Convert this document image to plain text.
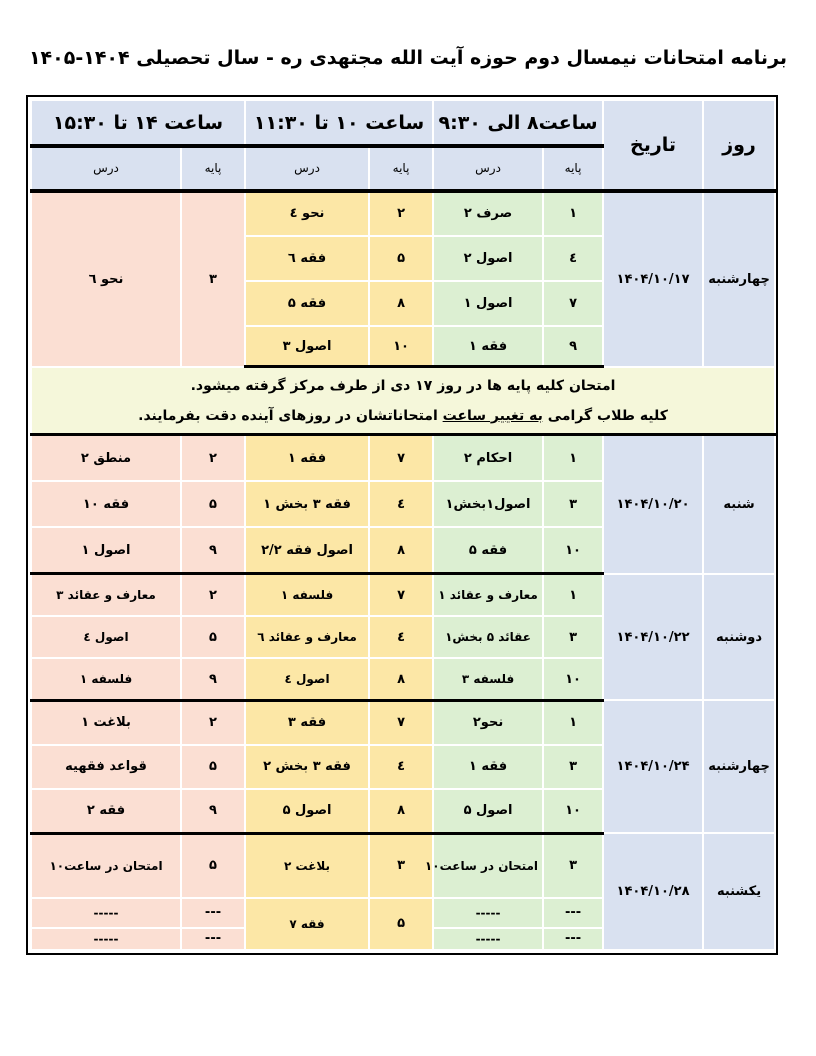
برنامه امتحانات نیمسال دوم حوزه آیت الله مجتهدی ره - سال تحصیلی ۱۴۰۴-۱۴۰۵
روز	تاریخ	ساعت۸ الی ۹:۳۰		ساعت ۱۰ تا ۱۱:۳۰		ساعت ۱۴ تا ۱۵:۳۰	
		پایه	درس	پایه	درس	پایه	درس
چهارشنبه	۱۴۰۴/۱۰/۱۷	۱	صرف ۲	۲	نحو ٤	۳	نحو ٦
		٤	اصول ۲	۵	فقه ٦		
		۷	اصول ۱	۸	فقه ۵		
		۹	فقه ۱	۱۰	اصول ۳		

امتحان کلیه پایه ها در روز ۱۷ دی از طرف مرکز گرفته میشود.
کلیه طلاب گرامی به تغییر ساعت امتحاناتشان در روزهای آینده دقت بفرمایند.							

شنبه	۱۴۰۴/۱۰/۲۰	۱	احکام ۲	۷	فقه ۱	۲	منطق ۲
		۳	اصول۱بخش۱	٤	فقه ۳ بخش ۱	۵	فقه ۱۰
		۱۰	فقه ۵	۸	اصول فقه ۲/۲	۹	اصول ۱
دوشنبه	۱۴۰۴/۱۰/۲۲	۱	معارف و عقائد ۱	۷	فلسفه ۱	۲	معارف و عقائد ۳
		۳	عقائد ۵ بخش۱	٤	معارف و عقائد ٦	۵	اصول ٤
		۱۰	فلسفه ۳	۸	اصول ٤	۹	فلسفه ۱
چهارشنبه	۱۴۰۴/۱۰/۲۴	۱	نحو۲	۷	فقه ۳	۲	بلاغت ۱
		۳	فقه ۱	٤	فقه ۳ بخش ۲	۵	قواعد فقهیه
		۱۰	اصول ۵	۸	اصول ۵	۹	فقه ۲
یکشنبه	۱۴۰۴/۱۰/۲۸	۳	امتحان در ساعت۱۰	۳	بلاغت ۲	۵	امتحان در ساعت۱۰
		---	-----	۵	فقه ۷	---	-----
		---	-----			---	-----
